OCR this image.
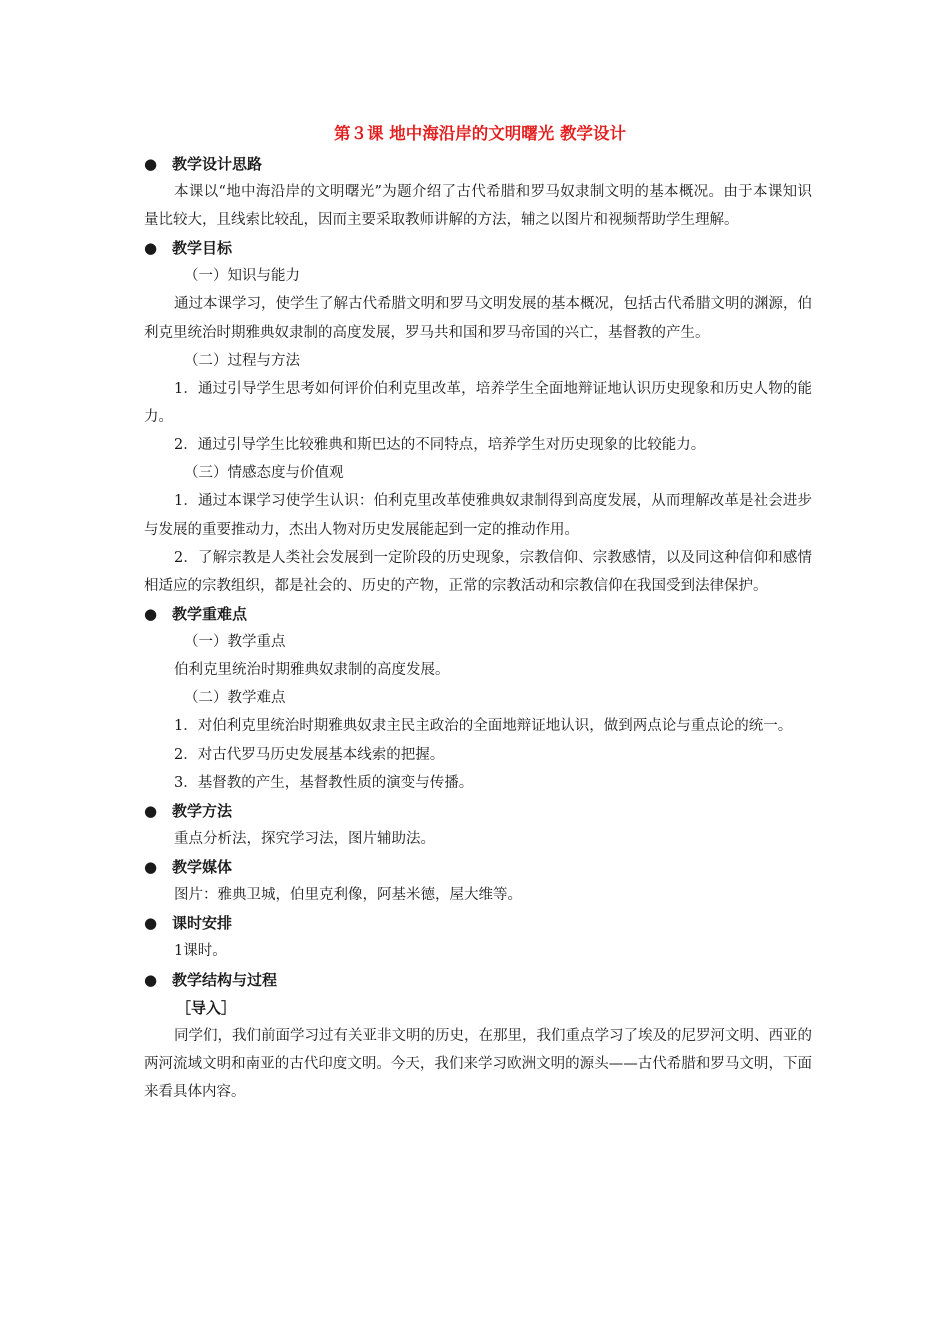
第３课 地中海沿岸的文明曙光 教学设计
● 教学设计思路
本课以“地中海沿岸的文明曙光”为题介绍了古代希腊和罗马奴隶制文明的基本概况。由于本课知识量比较大，且线索比较乱，因而主要采取教师讲解的方法，辅之以图片和视频帮助学生理解。
● 教学目标
（一）知识与能力
通过本课学习，使学生了解古代希腊文明和罗马文明发展的基本概况，包括古代希腊文明的渊源，伯利克里统治时期雅典奴隶制的高度发展，罗马共和国和罗马帝国的兴亡，基督教的产生。
（二）过程与方法
1．通过引导学生思考如何评价伯利克里改革，培养学生全面地辩证地认识历史现象和历史人物的能力。
2．通过引导学生比较雅典和斯巴达的不同特点，培养学生对历史现象的比较能力。
（三）情感态度与价值观
1．通过本课学习使学生认识：伯利克里改革使雅典奴隶制得到高度发展，从而理解改革是社会进步与发展的重要推动力，杰出人物对历史发展能起到一定的推动作用。
2．了解宗教是人类社会发展到一定阶段的历史现象，宗教信仰、宗教感情，以及同这种信仰和感情相适应的宗教组织，都是社会的、历史的产物，正常的宗教活动和宗教信仰在我国受到法律保护。
● 教学重难点
（一）教学重点
伯利克里统治时期雅典奴隶制的高度发展。
（二）教学难点
1．对伯利克里统治时期雅典奴隶主民主政治的全面地辩证地认识，做到两点论与重点论的统一。
2．对古代罗马历史发展基本线索的把握。
3．基督教的产生，基督教性质的演变与传播。
● 教学方法
重点分析法，探究学习法，图片辅助法。
● 教学媒体
图片：雅典卫城，伯里克利像，阿基米德，屋大维等。
● 课时安排
1课时。
● 教学结构与过程
［导入］
同学们，我们前面学习过有关亚非文明的历史，在那里，我们重点学习了埃及的尼罗河文明、西亚的两河流域文明和南亚的古代印度文明。今天，我们来学习欧洲文明的源头——古代希腊和罗马文明，下面来看具体内容。
